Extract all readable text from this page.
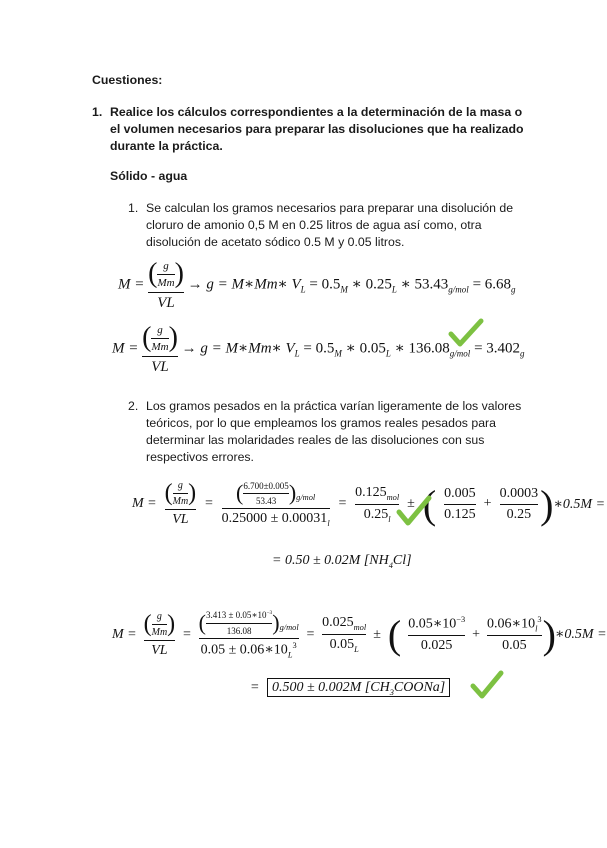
Cuestiones:
1. Realice los cálculos correspondientes a la determinación de la masa o
el volumen necesarios para preparar las disoluciones que ha realizado
durante la práctica.
Sólido - agua
1. Se calculan los gramos necesarios para preparar una disolución de
cloruro de amonio 0,5 M en 0.25 litros de agua así como, otra
disolución de acetato sódico 0.5 M y 0.05 litros.
$M = \frac{( \frac{g}{Mm} )}{VL} \to g$ = M∗Mm∗ $V_L = 0.5_M$ ∗ $0.25_L$ ∗ $53.43_{g/mol} = 6.68_g$
$M = \frac{( \frac{g}{Mm} )}{VL} \to g$ = M∗Mm∗ $V_L = 0.5_M$ ∗ $0.05_L$ ∗ $136.08_{g/mol} = 3.402_g$
2. Los gramos pesados en la práctica varían ligeramente de los valores
teóricos, por lo que empleamos los gramos reales pesados para
determinar las molaridades reales de las disoluciones con sus
respectivos errores.
$M = \frac{( \frac{g}{Mm} )}{VL} = \frac{( \frac{6.700\pm 0.005}{53.43} )_{g/mol}}{0.25000 \pm 0.00031_l} = \frac{0.125_{mol}}{0.25_l}$ ± ( $\frac{0.005}{0.125} + \frac{0.0003}{0.25}$ ) ∗0.5M =
= 0.50 ± 0.02M $[NH_4Cl]$
$M = \frac{( \frac{g}{Mm} )}{VL} = \frac{( \frac{3.413 \pm 0.05∗10^{-3}}{136.08} )_{g/mol}}{0.05 \pm 0.06∗10_L^3} = \frac{0.025_{mol}}{0.05_L}$ ± ( $\frac{0.05∗10^{-3}}{0.025} + \frac{0.06∗10_l^3}{0.05}$ ) ∗0.5M =
= 0.500 ± 0.002M $[CH_3COONa]$
